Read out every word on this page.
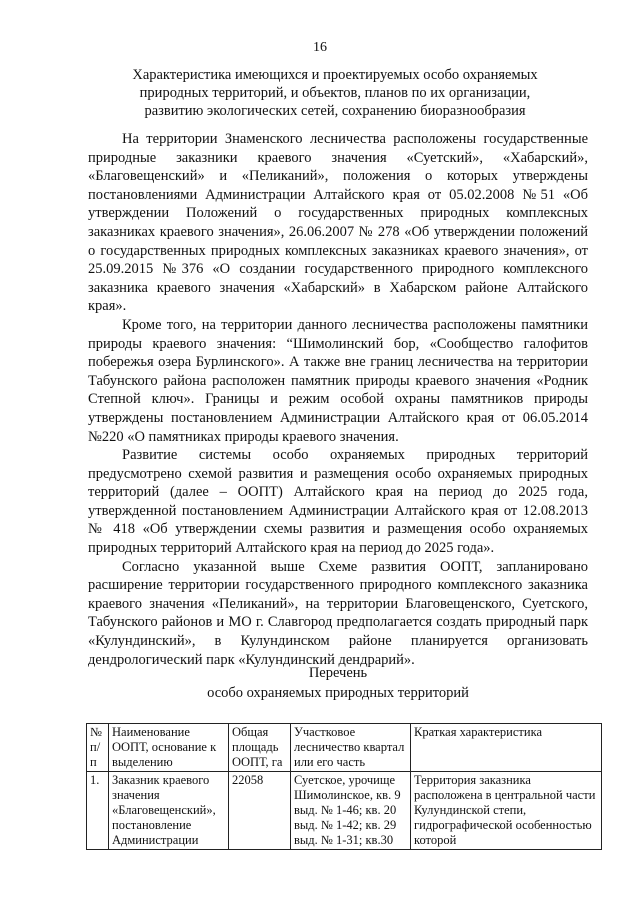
16
Характеристика имеющихся и проектируемых особо охраняемых природных территорий, и объектов, планов по их организации, развитию экологических сетей, сохранению биоразнообразия

На территории Знаменского лесничества расположены государственные природные заказники краевого значения «Суетский», «Хабарский», «Благовещенский» и «Пеликаний», положения о которых утверждены постановлениями Администрации Алтайского края от 05.02.2008 №51 «Об утверждении Положений о государственных природных комплексных заказниках краевого значения», 26.06.2007 № 278 «Об утверждении положений о государственных природных комплексных заказниках краевого значения», от 25.09.2015 №376 «О создании государственного природного комплексного заказника краевого значения «Хабарский» в Хабарском районе Алтайского края».

Кроме того, на территории данного лесничества расположены памятники природы краевого значения: “Шимолинский бор, «Сообщество галофитов побережья озера Бурлинского». А также вне границ лесничества на территории Табунского района расположен памятник природы краевого значения «Родник Степной ключ». Границы и режим особой охраны памятников природы утверждены постановлением Администрации Алтайского края от 06.05.2014 №220 «О памятниках природы краевого значения.

Развитие системы особо охраняемых природных территорий предусмотрено схемой развития и размещения особо охраняемых природных территорий (далее – ООПТ) Алтайского края на период до 2025 года, утвержденной постановлением Администрации Алтайского края от 12.08.2013 № 418 «Об утверждении схемы развития и размещения особо охраняемых природных территорий Алтайского края на период до 2025 года».

Согласно указанной выше Схеме развития ООПТ, запланировано расширение территории государственного природного комплексного заказника краевого значения «Пеликаний», на территории Благовещенского, Суетского, Табунского районов и МО г. Славгород предполагается создать природный парк «Кулундинский», в Кулундинском районе планируется организовать дендрологический парк «Кулундинский дендрарий».

Перечень
особо охраняемых природных территорий
№ п/п	Наименование ООПТ, основание к выделению	Общая площадь ООПТ, га	Участковое лесничество квартал или его часть	Краткая характеристика
1.	Заказник краевого значения «Благовещенский», постановление Администрации	22058	Суетское, урочище Шимолинское, кв. 9 выд. № 1-46; кв. 20 выд. № 1-42; кв. 29 выд. № 1-31; кв.30	Территория заказника расположена в центральной части Кулундинской степи, гидрографической особенностью которой
